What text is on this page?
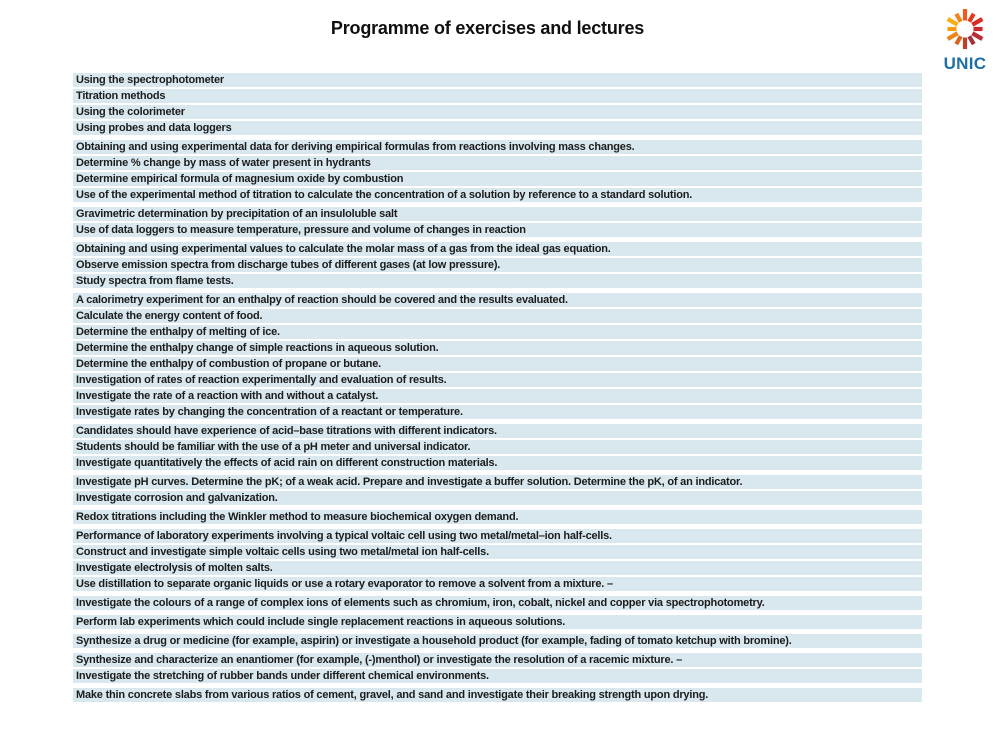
Programme of exercises and lectures
UNIC
Using the spectrophotometer
Titration methods
Using the colorimeter
Using probes and data loggers
Obtaining and using experimental data for deriving empirical formulas from reactions involving mass changes.
Determine % change by mass of water present in hydrants
Determine empirical formula of magnesium oxide by combustion
Use of the experimental method of titration to calculate the concentration of a solution by reference to a standard solution.
Gravimetric determination by precipitation of an insuloluble salt
Use of data loggers to measure temperature, pressure and volume of changes in reaction
Obtaining and using experimental values to calculate the molar mass of a gas from the ideal gas equation.
Observe emission spectra from discharge tubes of different gases (at low pressure).
Study spectra from flame tests.
A calorimetry experiment for an enthalpy of reaction should be covered and the results evaluated.
Calculate the energy content of food.
Determine the enthalpy of melting of ice.
Determine the enthalpy change of simple reactions in aqueous solution.
Determine the enthalpy of combustion of propane or butane.
Investigation of rates of reaction experimentally and evaluation of results.
Investigate the rate of a reaction with and without a catalyst.
Investigate rates by changing the concentration of a reactant or temperature.
Candidates should have experience of acid–base titrations with different indicators.
Students should be familiar with the use of a pH meter and universal indicator.
Investigate quantitatively the effects of acid rain on different construction materials.
Investigate pH curves. Determine the pK; of a weak acid. Prepare and investigate a buffer solution. Determine the pK, of an indicator.
Investigate corrosion and galvanization.
Redox titrations including the Winkler method to measure biochemical oxygen demand.
Performance of laboratory experiments involving a typical voltaic cell using two metal/metal–ion half-cells.
Construct and investigate simple voltaic cells using two metal/metal ion half-cells.
Investigate electrolysis of molten salts.
Use distillation to separate organic liquids or use a rotary evaporator to remove a solvent from a mixture. –
Investigate the colours of a range of complex ions of elements such as chromium, iron, cobalt, nickel and copper via spectrophotometry.
Perform lab experiments which could include single replacement reactions in aqueous solutions.
Synthesize a drug or medicine (for example, aspirin) or investigate a household product (for example, fading of tomato ketchup with bromine).
Synthesize and characterize an enantiomer (for example, (-)menthol) or investigate the resolution of a racemic mixture. –
Investigate the stretching of rubber bands under different chemical environments.
Make thin concrete slabs from various ratios of cement, gravel, and sand and investigate their breaking strength upon drying.
